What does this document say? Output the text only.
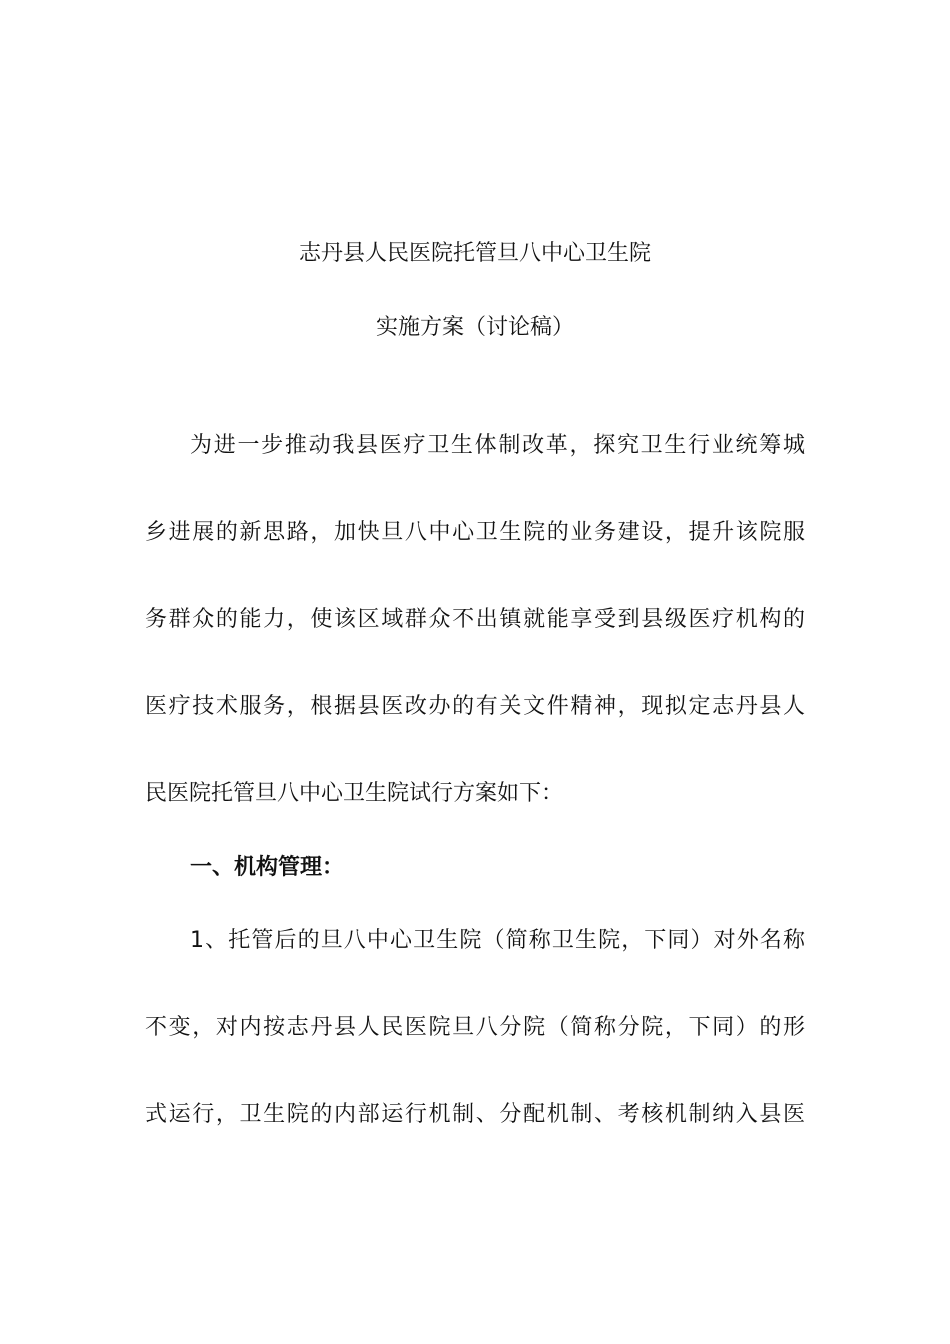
志丹县人民医院托管旦八中心卫生院
实施方案（讨论稿）
为进一步推动我县医疗卫生体制改革，探究卫生行业统筹城
乡进展的新思路，加快旦八中心卫生院的业务建设，提升该院服
务群众的能力，使该区域群众不出镇就能享受到县级医疗机构的
医疗技术服务，根据县医改办的有关文件精神，现拟定志丹县人
民医院托管旦八中心卫生院试行方案如下：
一、机构管理：
1、托管后的旦八中心卫生院（简称卫生院，下同）对外名称
不变，对内按志丹县人民医院旦八分院（简称分院，下同）的形
式运行，卫生院的内部运行机制、分配机制、考核机制纳入县医
